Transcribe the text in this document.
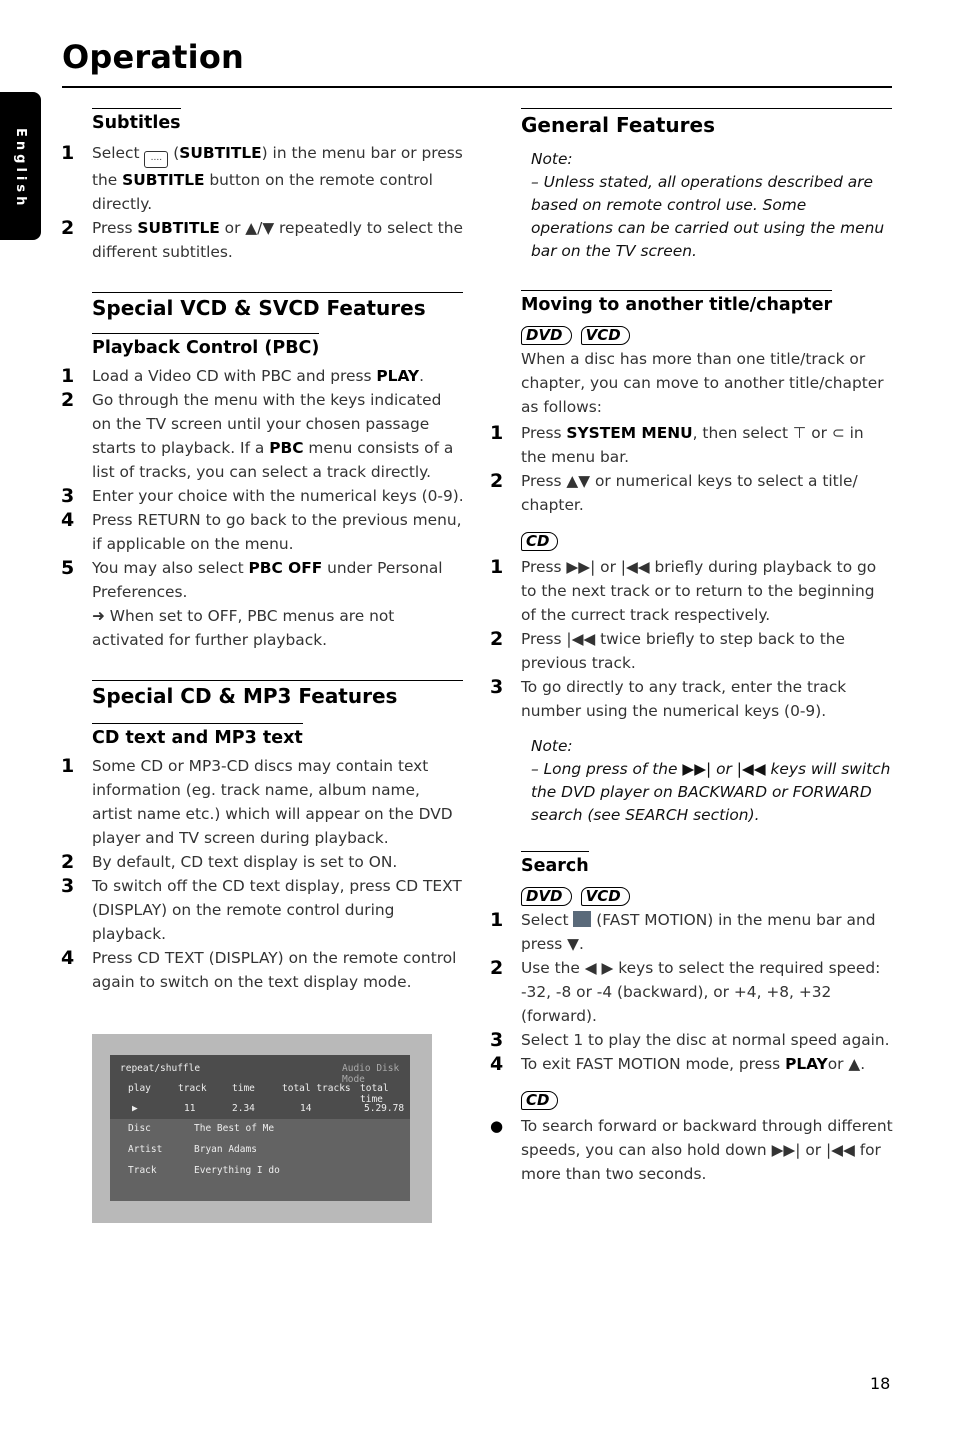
Operation
English
Subtitles
1 Select .... (SUBTITLE) in the menu bar or press the SUBTITLE button on the remote control directly.
2 Press SUBTITLE or ▲/▼ repeatedly to select the different subtitles.
Special VCD & SVCD Features
Playback Control (PBC)
1 Load a Video CD with PBC and press PLAY.
2 Go through the menu with the keys indicated on the TV screen until your chosen passage starts to playback. If a PBC menu consists of a list of tracks, you can select a track directly.
3 Enter your choice with the numerical keys (0-9).
4 Press RETURN to go back to the previous menu, if applicable on the menu.
5 You may also select PBC OFF under Personal Preferences.
➜ When set to OFF, PBC menus are not activated for further playback.
Special CD & MP3 Features
CD text and MP3 text
1 Some CD or MP3-CD discs may contain text information (eg. track name, album name, artist name etc.) which will appear on the DVD player and TV screen during playback.
2 By default, CD text display is set to ON.
3 To switch off the CD text display, press CD TEXT (DISPLAY) on the remote control during playback.
4 Press CD TEXT (DISPLAY) on the remote control again to switch on the text display mode.
repeat/shuffle	Audio Disk Mode
play	track	time	total tracks total time
▶	11	2.34	14	5.29.78
Disc	The Best of Me
Artist	Bryan Adams
Track	Everything I do
General Features
Note:
– Unless stated, all operations described are based on remote control use. Some operations can be carried out using the menu bar on the TV screen.
Moving to another title/chapter
DVD VCD
When a disc has more than one title/track or chapter, you can move to another title/chapter as follows:
1 Press SYSTEM MENU, then select ⊤ or ⊂ in the menu bar.
2 Press ▲▼ or numerical keys to select a title/ chapter.
CD
1 Press ▶▶| or |◀◀ briefly during playback to go to the next track or to return to the beginning of the currect track respectively.
2 Press |◀◀ twice briefly to step back to the previous track.
3 To go directly to any track, enter the track number using the numerical keys (0-9).
Note:
– Long press of the ▶▶| or |◀◀ keys will switch the DVD player on BACKWARD or FORWARD search (see SEARCH section).
Search
DVD VCD
1 Select  (FAST MOTION) in the menu bar and press ▼.
2 Use the ◀ ▶ keys to select the required speed: -32, -8 or -4 (backward), or +4, +8, +32 (forward).
3 Select 1 to play the disc at normal speed again.
4 To exit FAST MOTION mode, press PLAYor ▲.
CD
● To search forward or backward through different speeds, you can also hold down ▶▶| or |◀◀ for more than two seconds.
18
